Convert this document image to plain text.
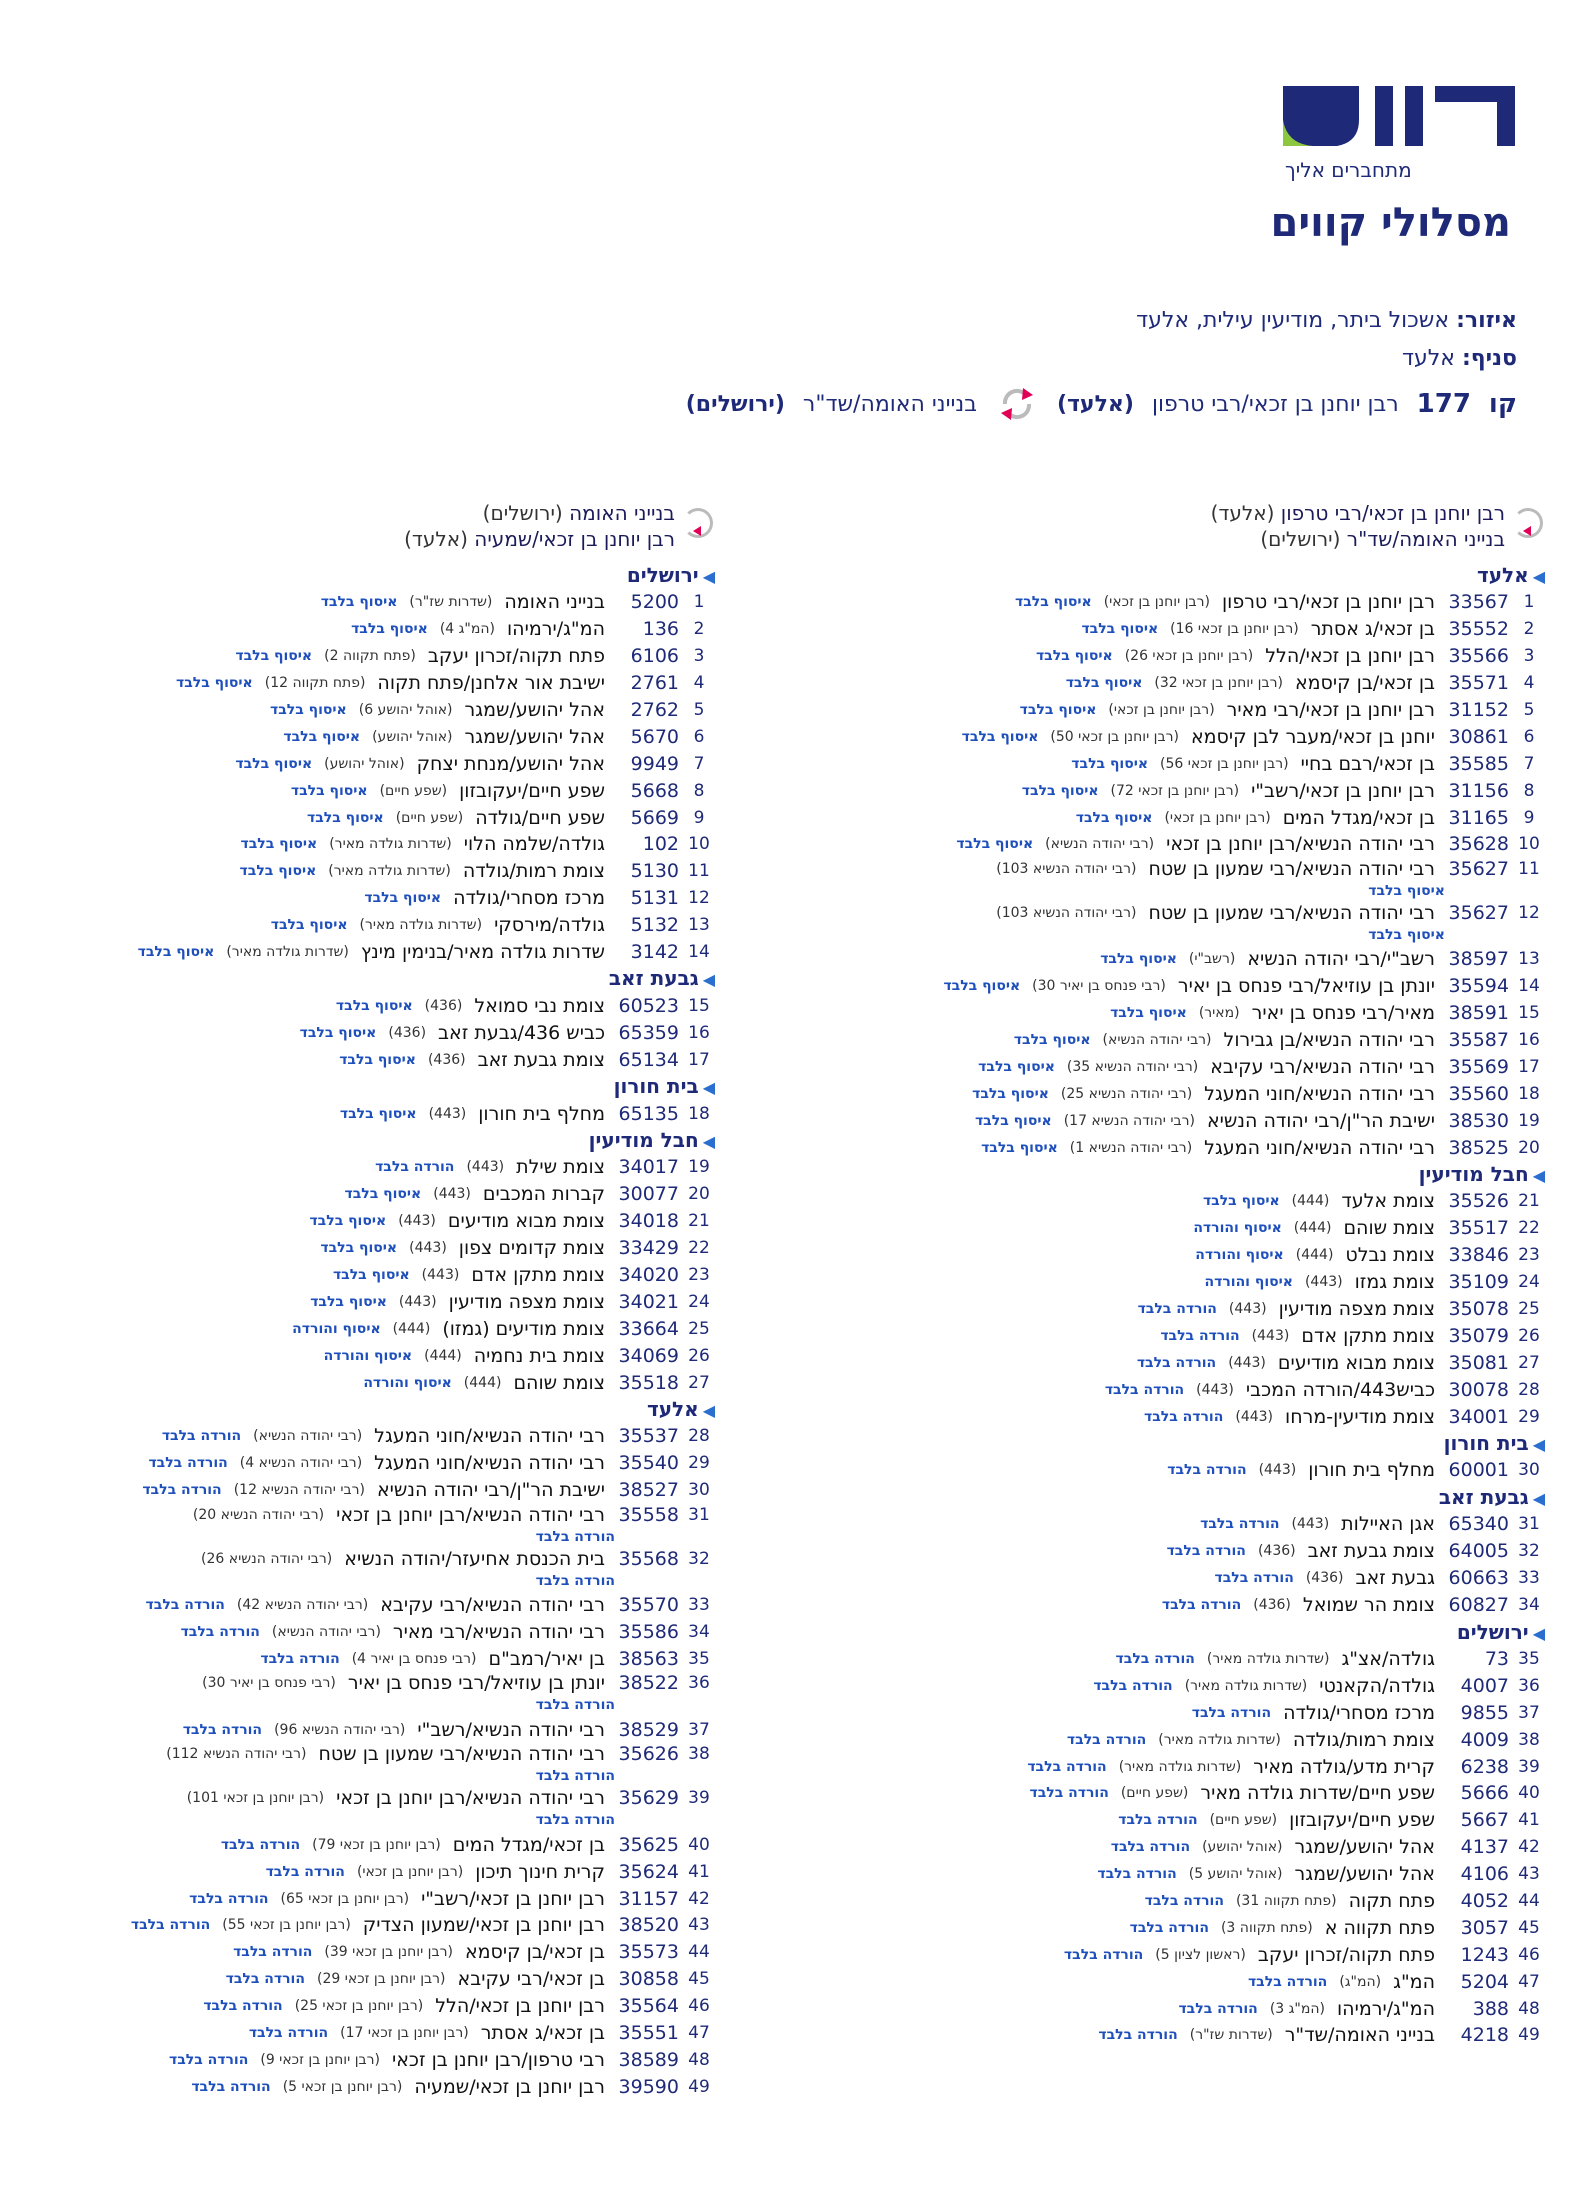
מתחברים אליך
מסלולי קווים
איזור: אשכול ביתר, מודיעין עילית, אלעד
סניף: אלעד
קו
177
רבן יוחנן בן זכאי/רבי טרפון
(אלעד)
בנייני האומה/שד"ר
(ירושלים)
רבן יוחנן בן זכאי/רבי טרפון (אלעד)
בנייני האומה/שד"ר (ירושלים)
◀אלעד
1
33567
רבן יוחנן בן זכאי/רבי טרפון
(רבן יוחנן בן זכאי)
איסוף בלבד
2
35552
בן זכאי/ג אסתר
(רבן יוחנן בן זכאי 16)
איסוף בלבד
3
35566
רבן יוחנן בן זכאי/הלל
(רבן יוחנן בן זכאי 26)
איסוף בלבד
4
35571
בן זכאי/בן קיסמא
(רבן יוחנן בן זכאי 32)
איסוף בלבד
5
31152
רבן יוחנן בן זכאי/רבי מאיר
(רבן יוחנן בן זכאי)
איסוף בלבד
6
30861
יוחנן בן זכאי/מעבר לבן קיסמא
(רבן יוחנן בן זכאי 50)
איסוף בלבד
7
35585
בן זכאי/רבם בחיי
(רבן יוחנן בן זכאי 56)
איסוף בלבד
8
31156
רבן יוחנן בן זכאי/רשב"י
(רבן יוחנן בן זכאי 72)
איסוף בלבד
9
31165
בן זכאי/מגדל המים
(רבן יוחנן בן זכאי)
איסוף בלבד
10
35628
רבי יהודה הנשיא/רבן יוחנן בן זכאי
(רבי יהודה הנשיא)
איסוף בלבד
11
35627
רבי יהודה הנשיא/רבי שמעון בן שטח
(רבי יהודה הנשיא 103)
איסוף בלבד
12
35627
רבי יהודה הנשיא/רבי שמעון בן שטח
(רבי יהודה הנשיא 103)
איסוף בלבד
13
38597
רשב"י/רבי יהודה הנשיא
(רשב"י)
איסוף בלבד
14
35594
יונתן בן עוזיאל/רבי פנחס בן יאיר
(רבי פנחס בן יאיר 30)
איסוף בלבד
15
38591
מאיר/רבי פנחס בן יאיר
(מאיר)
איסוף בלבד
16
35587
רבי יהודה הנשיא/בן גבירול
(רבי יהודה הנשיא)
איסוף בלבד
17
35569
רבי יהודה הנשיא/רבי עקיבא
(רבי יהודה הנשיא 35)
איסוף בלבד
18
35560
רבי יהודה הנשיא/חוני המעגל
(רבי יהודה הנשיא 25)
איסוף בלבד
19
38530
ישיבת הר"ן/רבי יהודה הנשיא
(רבי יהודה הנשיא 17)
איסוף בלבד
20
38525
רבי יהודה הנשיא/חוני המעגל
(רבי יהודה הנשיא 1)
איסוף בלבד
◀חבל מודיעין
21
35526
צומת אלעד
(444)
איסוף בלבד
22
35517
צומת שוהם
(444)
איסוף והורדה
23
33846
צומת נבלט
(444)
איסוף והורדה
24
35109
צומת גמזו
(443)
איסוף והורדה
25
35078
צומת מצפה מודיעין
(443)
הורדה בלבד
26
35079
צומת מתקן אדם
(443)
הורדה בלבד
27
35081
צומת מבוא מודיעים
(443)
הורדה בלבד
28
30078
כביש443/הורדה המכבי
(443)
הורדה בלבד
29
34001
צומת מודיעין-מרחו
(443)
הורדה בלבד
◀בית חורון
30
60001
מחלף בית חורון
(443)
הורדה בלבד
◀גבעת זאב
31
65340
אגן האיילות
(443)
הורדה בלבד
32
64005
צומת גבעת זאב
(436)
הורדה בלבד
33
60663
גבעת זאב
(436)
הורדה בלבד
34
60827
צומת הר שמואל
(436)
הורדה בלבד
◀ירושלים
35
73
גולדה/אצ"ג
(שדרות גולדה מאיר)
הורדה בלבד
36
4007
גולדה/הקאנטי
(שדרות גולדה מאיר)
הורדה בלבד
37
9855
מרכז מסחרי/גולדה
הורדה בלבד
38
4009
צומת רמות/גולדה
(שדרות גולדה מאיר)
הורדה בלבד
39
6238
קרית מדע/גולדה מאיר
(שדרות גולדה מאיר)
הורדה בלבד
40
5666
שפע חיים/שדרות גולדה מאיר
(שפע חיים)
הורדה בלבד
41
5667
שפע חיים/יעקובזון
(שפע חיים)
הורדה בלבד
42
4137
אהל יהושע/שמגר
(אוהל יהושע)
הורדה בלבד
43
4106
אהל יהושע/שמגר
(אוהל יהושע 5)
הורדה בלבד
44
4052
פתח תקוה
(פתח תקווה 31)
הורדה בלבד
45
3057
פתח תקווה א
(פתח תקווה 3)
הורדה בלבד
46
1243
פתח תקוה/זכרון יעקב
(ראשון לציון 5)
הורדה בלבד
47
5204
המ"ג
(המ"ג)
הורדה בלבד
48
388
המ"ג/ירמיהו
(המ"ג 3)
הורדה בלבד
49
4218
בנייני האומה/שד"ר
(שדרות שז"ר)
הורדה בלבד
בנייני האומה (ירושלים)
רבן יוחנן בן זכאי/שמעיה (אלעד)
◀ירושלים
1
5200
בנייני האומה
(שדרות שז"ר)
איסוף בלבד
2
136
המ"ג/ירמיהו
(המ"ג 4)
איסוף בלבד
3
6106
פתח תקוה/זכרון יעקב
(פתח תקווה 2)
איסוף בלבד
4
2761
ישיבת אור אלחנן/פתח תקוה
(פתח תקווה 12)
איסוף בלבד
5
2762
אהל יהושע/שמגר
(אוהל יהושע 6)
איסוף בלבד
6
5670
אהל יהושע/שמגר
(אוהל יהושע)
איסוף בלבד
7
9949
אהל יהושע/מנחת יצחק
(אוהל יהושע)
איסוף בלבד
8
5668
שפע חיים/יעקובזון
(שפע חיים)
איסוף בלבד
9
5669
שפע חיים/גולדה
(שפע חיים)
איסוף בלבד
10
102
גולדה/שלמה הלוי
(שדרות גולדה מאיר)
איסוף בלבד
11
5130
צומת רמות/גולדה
(שדרות גולדה מאיר)
איסוף בלבד
12
5131
מרכז מסחרי/גולדה
איסוף בלבד
13
5132
גולדה/מירסקי
(שדרות גולדה מאיר)
איסוף בלבד
14
3142
שדרות גולדה מאיר/בנימין מינץ
(שדרות גולדה מאיר)
איסוף בלבד
◀גבעת זאב
15
60523
צומת נבי סמואל
(436)
איסוף בלבד
16
65359
כביש 436/גבעת זאב
(436)
איסוף בלבד
17
65134
צומת גבעת זאב
(436)
איסוף בלבד
◀בית חורון
18
65135
מחלף בית חורון
(443)
איסוף בלבד
◀חבל מודיעין
19
34017
צומת שילת
(443)
הורדה בלבד
20
30077
קברות המכבים
(443)
איסוף בלבד
21
34018
צומת מבוא מודיעים
(443)
איסוף בלבד
22
33429
צומת קדומים צפון
(443)
איסוף בלבד
23
34020
צומת מתקן אדם
(443)
איסוף בלבד
24
34021
צומת מצפה מודיעין
(443)
איסוף בלבד
25
33664
צומת מודיעים (גמזו)
(444)
איסוף והורדה
26
34069
צומת בית נחמיה
(444)
איסוף והורדה
27
35518
צומת שוהם
(444)
איסוף והורדה
◀אלעד
28
35537
רבי יהודה הנשיא/חוני המעגל
(רבי יהודה הנשיא)
הורדה בלבד
29
35540
רבי יהודה הנשיא/חוני המעגל
(רבי יהודה הנשיא 4)
הורדה בלבד
30
38527
ישיבת הר"ן/רבי יהודה הנשיא
(רבי יהודה הנשיא 12)
הורדה בלבד
31
35558
רבי יהודה הנשיא/רבן יוחנן בן זכאי
(רבי יהודה הנשיא 20)
הורדה בלבד
32
35568
בית הכנסת אחיעזר/יהודה הנשיא
(רבי יהודה הנשיא 26)
הורדה בלבד
33
35570
רבי יהודה הנשיא/רבי עקיבא
(רבי יהודה הנשיא 42)
הורדה בלבד
34
35586
רבי יהודה הנשיא/רבי מאיר
(רבי יהודה הנשיא)
הורדה בלבד
35
38563
בן יאיר/רמב"ם
(רבי פנחס בן יאיר 4)
הורדה בלבד
36
38522
יונתן בן עוזיאל/רבי פנחס בן יאיר
(רבי פנחס בן יאיר 30)
הורדה בלבד
37
38529
רבי יהודה הנשיא/רשב"י
(רבי יהודה הנשיא 96)
הורדה בלבד
38
35626
רבי יהודה הנשיא/רבי שמעון בן שטח
(רבי יהודה הנשיא 112)
הורדה בלבד
39
35629
רבי יהודה הנשיא/רבן יוחנן בן זכאי
(רבן יוחנן בן זכאי 101)
הורדה בלבד
40
35625
בן זכאי/מגדל המים
(רבן יוחנן בן זכאי 79)
הורדה בלבד
41
35624
קרית חינוך תיכון
(רבן יוחנן בן זכאי)
הורדה בלבד
42
31157
רבן יוחנן בן זכאי/רשב"י
(רבן יוחנן בן זכאי 65)
הורדה בלבד
43
38520
רבן יוחנן בן זכאי/שמעון הצדיק
(רבן יוחנן בן זכאי 55)
הורדה בלבד
44
35573
בן זכאי/בן קיסמא
(רבן יוחנן בן זכאי 39)
הורדה בלבד
45
30858
בן זכאי/רבי עקיבא
(רבן יוחנן בן זכאי 29)
הורדה בלבד
46
35564
רבן יוחנן בן זכאי/הלל
(רבן יוחנן בן זכאי 25)
הורדה בלבד
47
35551
בן זכאי/ג אסתר
(רבן יוחנן בן זכאי 17)
הורדה בלבד
48
38589
רבי טרפון/רבן יוחנן בן זכאי
(רבן יוחנן בן זכאי 9)
הורדה בלבד
49
39590
רבן יוחנן בן זכאי/שמעיה
(רבן יוחנן בן זכאי 5)
הורדה בלבד
